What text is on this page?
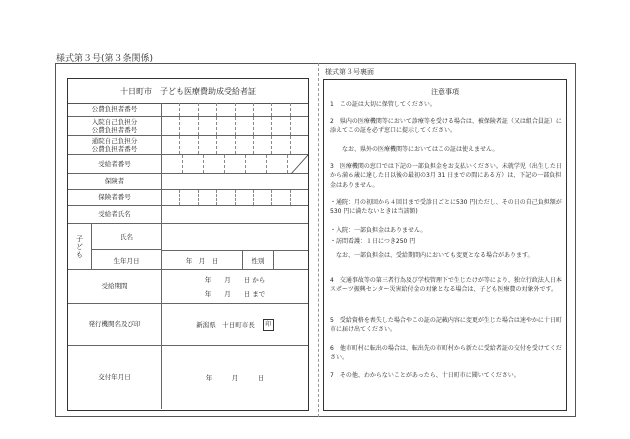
様式第３号(第３条関係)
十日町市　子ども医療費助成受給者証
公費負担者番号
入院自己負担分
公費負担者番号
通院自己負担分
公費負担者番号
受給者番号
保険者
保険者番号
受給者氏名
子ども	氏名
生年月日	年　月　日	性別
受給期間
年　　月　　日 から
年　　月　　日 まで
発行機関名及び印	新潟県　十日町市長	印
交付年月日	年　　　月　　　日
様式第３号裏面
注意事項
1　この証は大切に保管してください。
2　県内の医療機関等において診療等を受ける場合は、被保険者証（又は組合員証）に添えてこの証を必ず窓口に提示してください。
　　なお、県外の医療機関等においてはこの証は使えません。
3　医療機関の窓口では下記の一部負担金をお支払いください。未就学児（出生した日から満６歳に達した日以後の最初の3月 31 日までの間にある方）は、下記の一部負担金はありません。
・通院：月の初回から４回目まで受診日ごとに530 円(ただし、その日の自己負担額が530 円に満たないときは当該額)
・入院：一部負担金はありません。
・訪問看護：１日につき250 円
　なお、一部負担金は、受給期間内においても変更となる場合があります。
4　交通事故等の第三者行為及び学校管理下で生じたけが等により、独立行政法人日本スポーツ振興センター災害給付金の対象となる場合は、子ども医療費の対象外です。
5　受給資格を喪失した場合やこの証の記載内容に変更が生じた場合は速やかに十日町市に届け出てください。
6　他市町村に転出の場合は、転出先の市町村から新たに受給者証の交付を受けてください。
7　その他、わからないことがあったら、十日町市に聞いてください。
